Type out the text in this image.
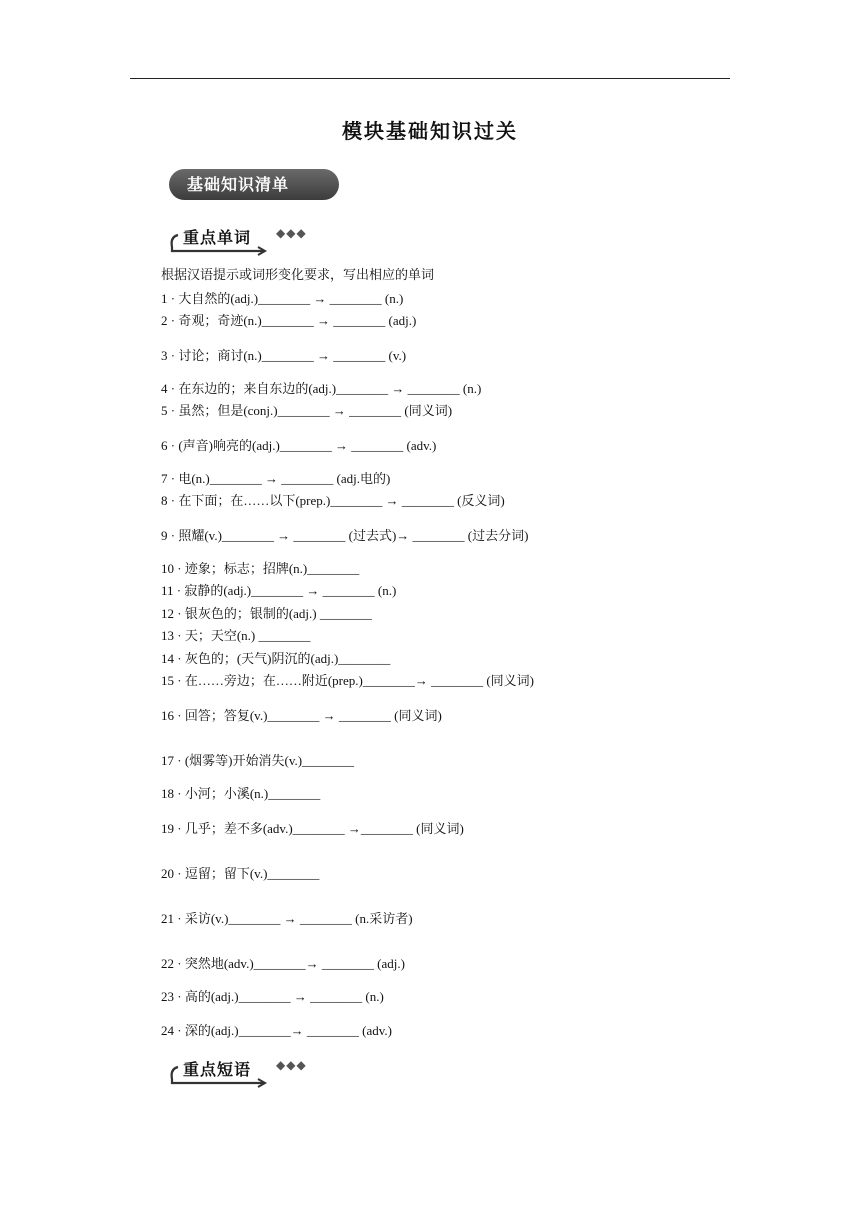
模块基础知识过关
基础知识清单
重点单词 ◆◆◆
根据汉语提示或词形变化要求，写出相应的单词
1 · 大自然的(adj.)________ → ________ (n.)
2 · 奇观；奇迹(n.)________ → ________ (adj.)
3 · 讨论；商讨(n.)________ → ________ (v.)
4 · 在东边的；来自东边的(adj.)________ → ________ (n.)
5 · 虽然；但是(conj.)________ → ________ (同义词)
6 · (声音)响亮的(adj.)________ → ________ (adv.)
7 · 电(n.)________ → ________ (adj.电的)
8 · 在下面；在……以下(prep.)________ → ________ (反义词)
9 · 照耀(v.)________ → ________ (过去式)→ ________ (过去分词)
10 · 迹象；标志；招牌(n.)________
11 · 寂静的(adj.)________ → ________ (n.)
12 · 银灰色的；银制的(adj.) ________
13 · 天；天空(n.) ________
14 · 灰色的；(天气)阴沉的(adj.)________
15 · 在……旁边；在……附近(prep.)________→ ________ (同义词)
16 · 回答；答复(v.)________ → ________ (同义词)
17 · (烟雾等)开始消失(v.)________
18 · 小河；小溪(n.)________
19 · 几乎；差不多(adv.)________ →________ (同义词)
20 · 逗留；留下(v.)________
21 · 采访(v.)________ → ________ (n.采访者)
22 · 突然地(adv.)________→ ________ (adj.)
23 · 高的(adj.)________ → ________ (n.)
24 · 深的(adj.)________→ ________ (adv.)
重点短语 ◆◆◆
